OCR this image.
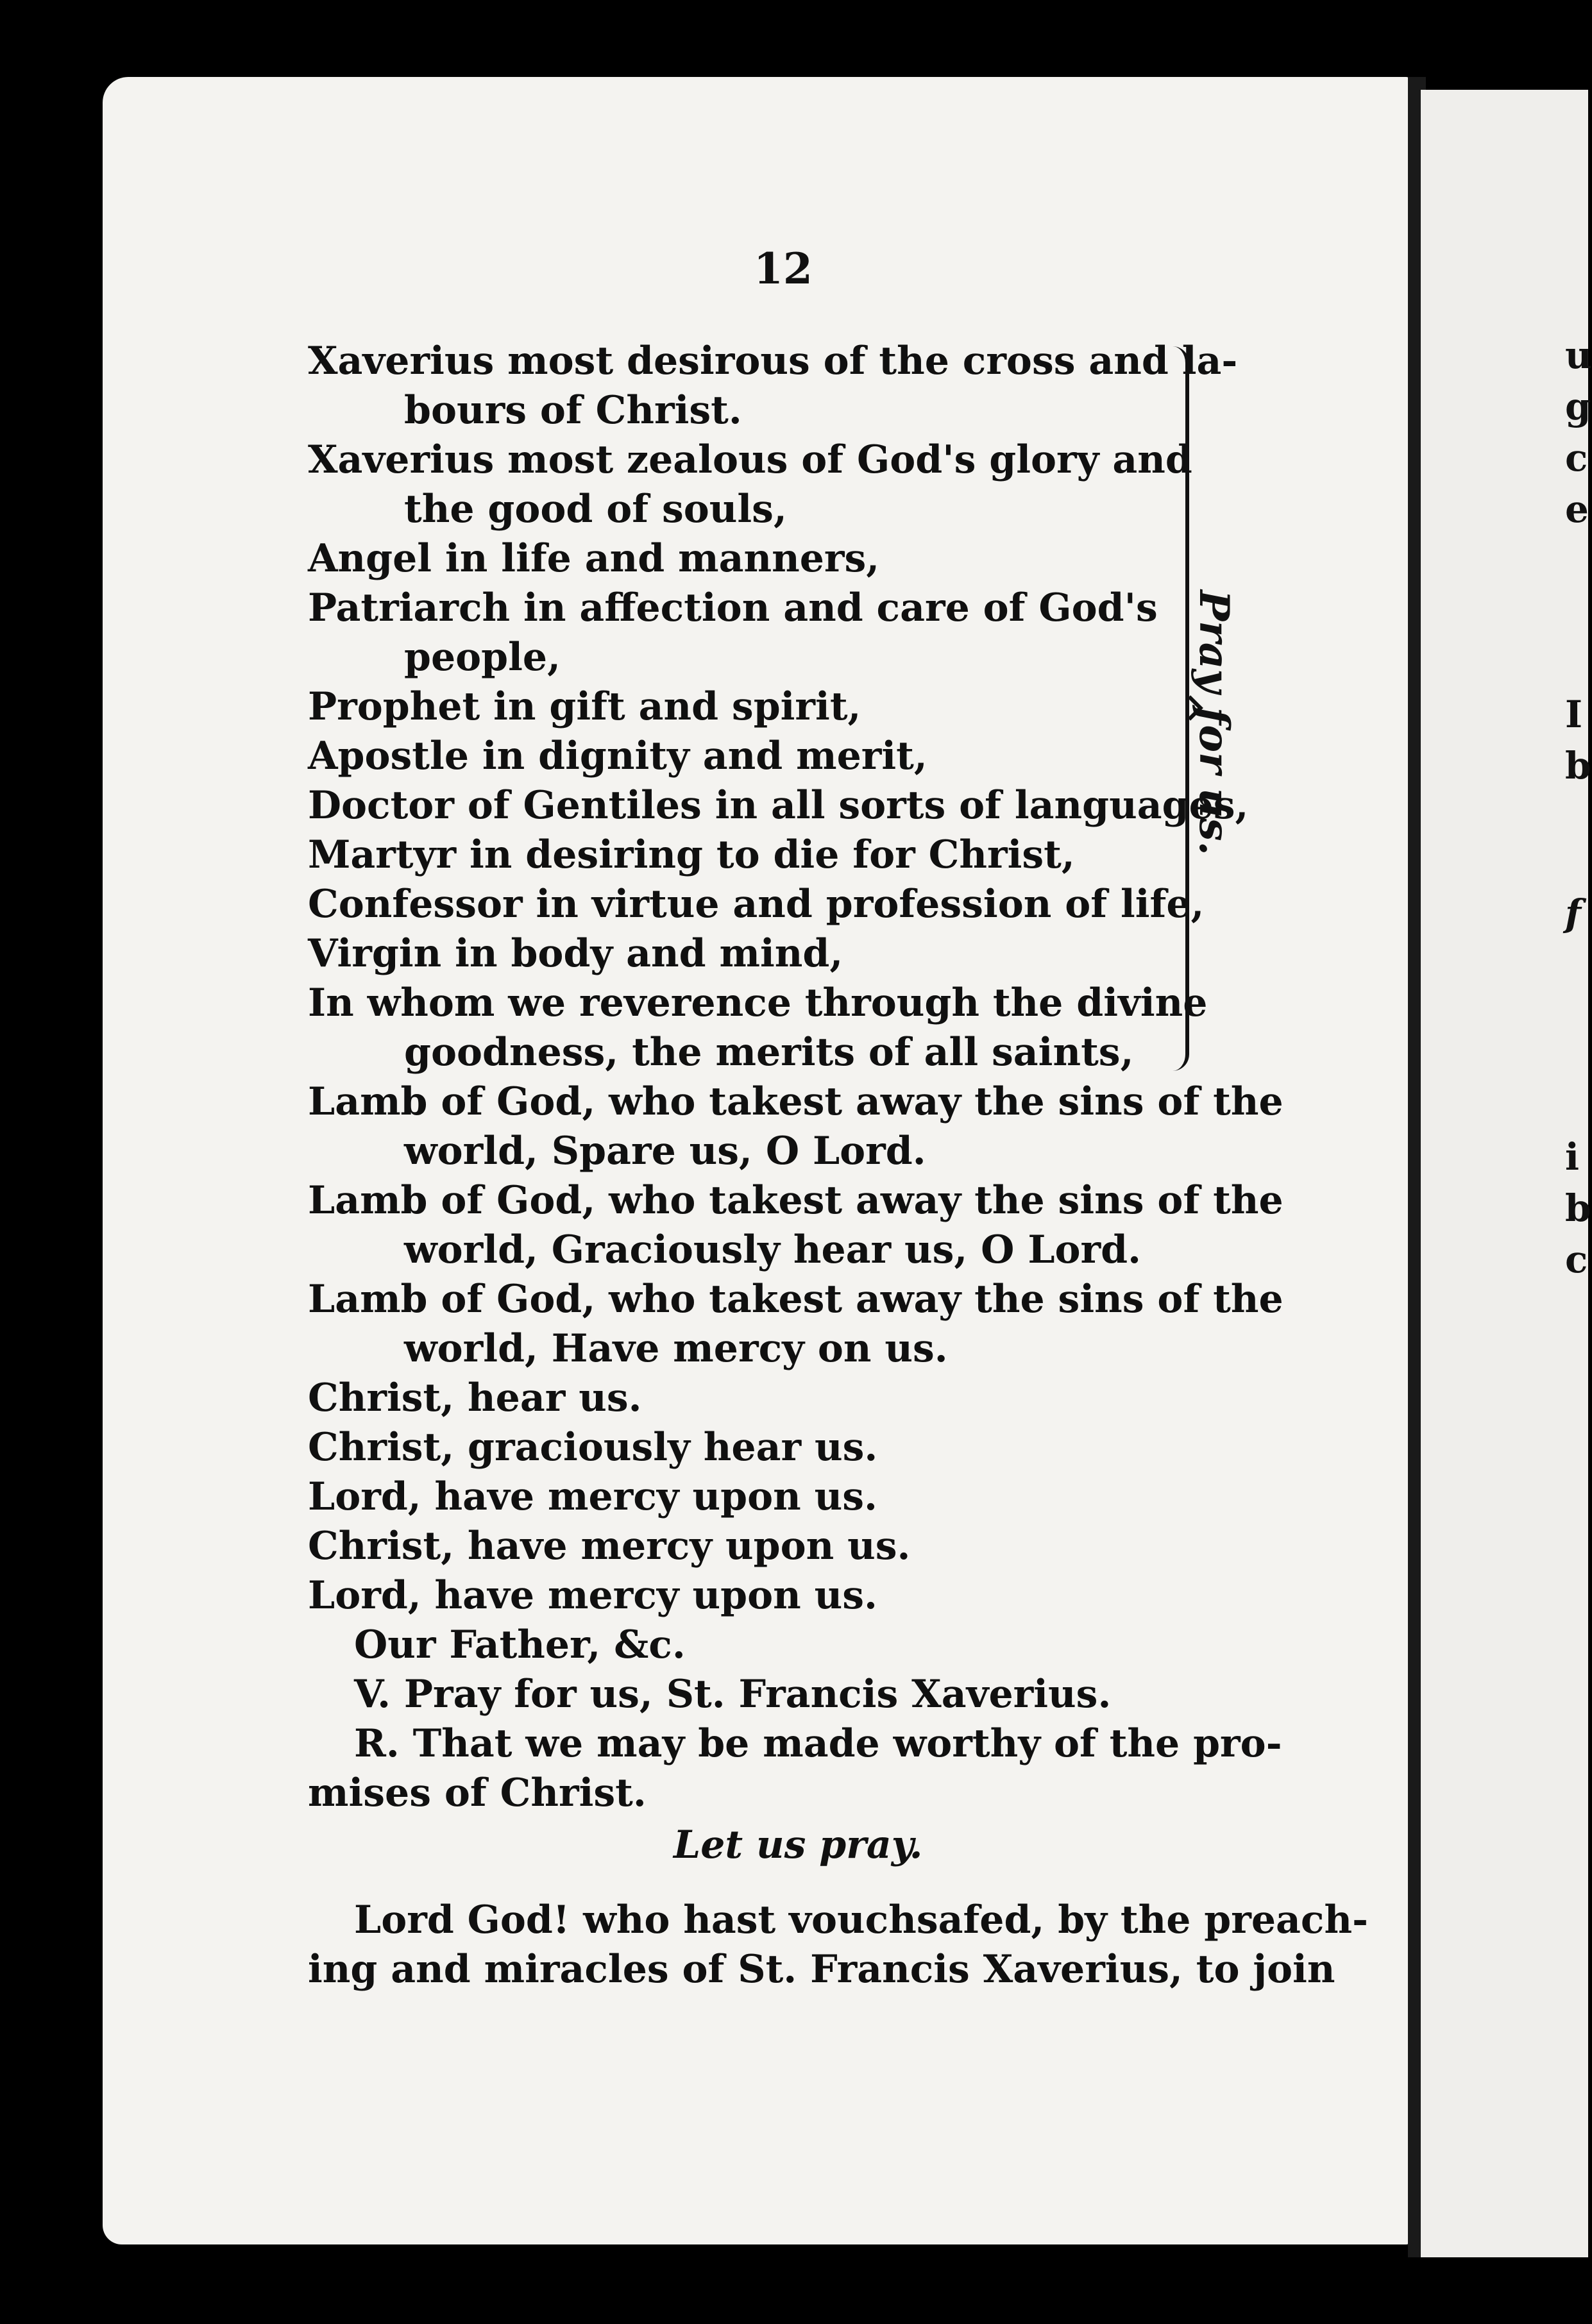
u
g
c
e
I
b
f
i
b
c
12
Xaverius most desirous of the cross and la-
bours of Christ.
Xaverius most zealous of God's glory and
the good of souls,
Angel in life and manners,
Patriarch in affection and care of God's
people,
Prophet in gift and spirit,
Apostle in dignity and merit,
Doctor of Gentiles in all sorts of languages,
Martyr in desiring to die for Christ,
Confessor in virtue and profession of life,
Virgin in body and mind,
In whom we reverence through the divine
goodness, the merits of all saints,
Lamb of God, who takest away the sins of the
world, Spare us, O Lord.
Lamb of God, who takest away the sins of the
world, Graciously hear us, O Lord.
Lamb of God, who takest away the sins of the
world, Have mercy on us.
Christ, hear us.
Christ, graciously hear us.
Lord, have mercy upon us.
Christ, have mercy upon us.
Lord, have mercy upon us.
Our Father, &c.
V. Pray for us, St. Francis Xaverius.
R. That we may be made worthy of the pro-
mises of Christ.
Let us pray.
Lord God! who hast vouchsafed, by the preach-
ing and miracles of St. Francis Xaverius, to join
Pray for us.
